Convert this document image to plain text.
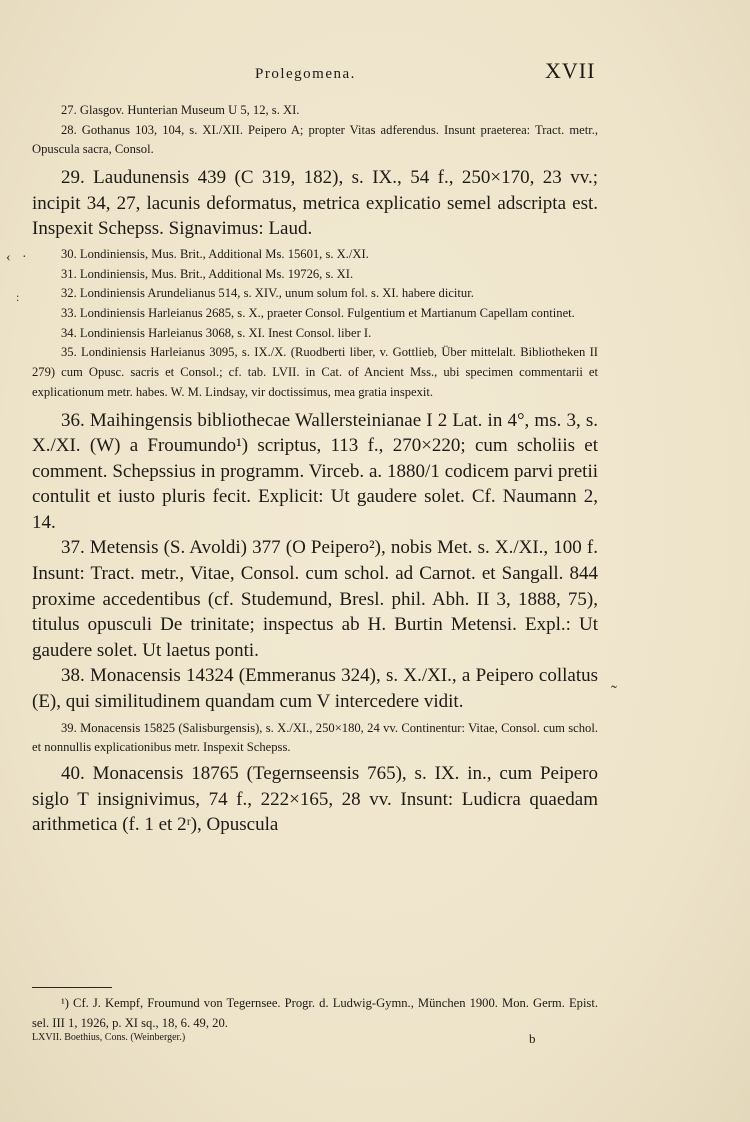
Prolegomena.	XVII
‹ ·
:
˜

27. Glasgov. Hunterian Museum U 5, 12, s. XI.

28. Gothanus 103, 104, s. XI./XII. Peipero A; propter Vitas adferendus. Insunt praeterea: Tract. metr., Opuscula sacra, Consol.

29. Laudunensis 439 (C 319, 182), s. IX., 54 f., 250×170, 23 vv.; incipit 34, 27, lacunis deformatus, metrica explicatio semel adscripta est. Inspexit Schepss. Signavimus: Laud.

30. Londiniensis, Mus. Brit., Additional Ms. 15601, s. X./XI.

31. Londiniensis, Mus. Brit., Additional Ms. 19726, s. XI.

32. Londiniensis Arundelianus 514, s. XIV., unum solum fol. s. XI. habere dicitur.

33. Londiniensis Harleianus 2685, s. X., praeter Consol. Fulgentium et Martianum Capellam continet.

34. Londiniensis Harleianus 3068, s. XI. Inest Consol. liber I.

35. Londiniensis Harleianus 3095, s. IX./X. (Ruodberti liber, v. Gottlieb, Über mittelalt. Bibliotheken II 279) cum Opusc. sacris et Consol.; cf. tab. LVII. in Cat. of Ancient Mss., ubi specimen commentarii et explicationum metr. habes. W. M. Lindsay, vir doctissimus, mea gratia inspexit.

36. Maihingensis bibliothecae Wallersteinianae I 2 Lat. in 4°, ms. 3, s. X./XI. (W) a Froumundo¹) scriptus, 113 f., 270×220; cum scholiis et comment. Schepssius in programm. Virceb. a. 1880/1 codicem parvi pretii contulit et iusto pluris fecit. Explicit: Ut gaudere solet. Cf. Naumann 2, 14.

37. Metensis (S. Avoldi) 377 (O Peipero²), nobis Met. s. X./XI., 100 f. Insunt: Tract. metr., Vitae, Consol. cum schol. ad Carnot. et Sangall. 844 proxime accedentibus (cf. Studemund, Bresl. phil. Abh. II 3, 1888, 75), titulus opusculi De trinitate; inspectus ab H. Burtin Metensi. Expl.: Ut gaudere solet. Ut laetus ponti.

38. Monacensis 14324 (Emmeranus 324), s. X./XI., a Peipero collatus (E), qui similitudinem quandam cum V intercedere vidit.

39. Monacensis 15825 (Salisburgensis), s. X./XI., 250×180, 24 vv. Continentur: Vitae, Consol. cum schol. et nonnullis explicationibus metr. Inspexit Schepss.

40. Monacensis 18765 (Tegernseensis 765), s. IX. in., cum Peipero siglo T insignivimus, 74 f., 222×165, 28 vv. Insunt: Ludicra quaedam arithmetica (f. 1 et 2ʳ), Opuscula

¹) Cf. J. Kempf, Froumund von Tegernsee. Progr. d. Ludwig-Gymn., München 1900. Mon. Germ. Epist. sel. III 1, 1926, p. XI sq., 18, 6. 49, 20.

LXVII. Boethius, Cons. (Weinberger.)	b
